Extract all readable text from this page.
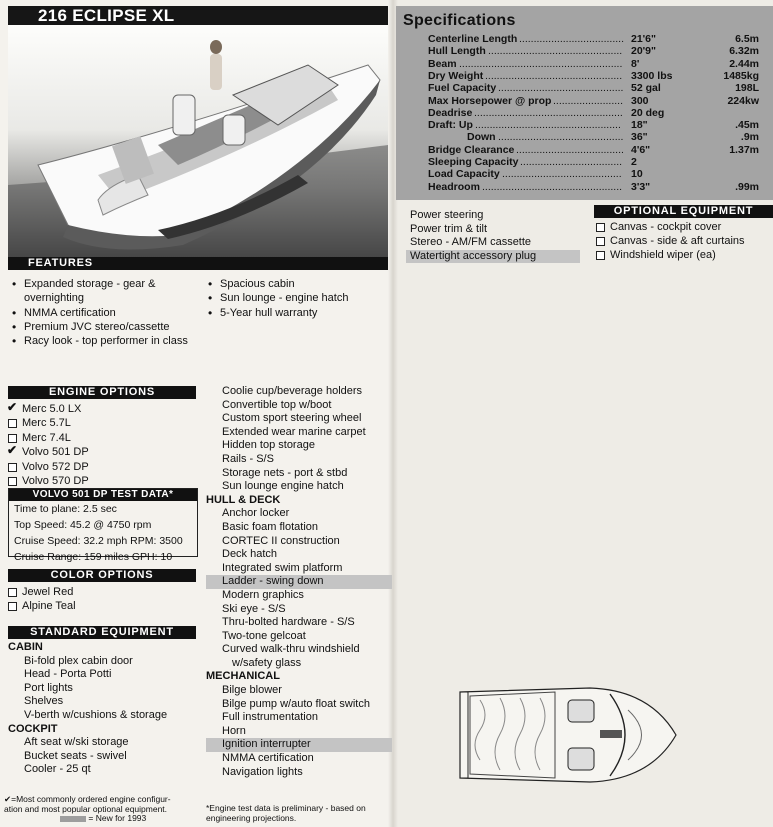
216 ECLIPSE XL
FEATURES
• Expanded storage - gear & overnighting
• NMMA certification
• Premium JVC stereo/cassette
• Racy look - top performer in class
• Spacious cabin
• Sun lounge - engine hatch
• 5-Year hull warranty
ENGINE OPTIONS
✔ Merc 5.0 LX
Merc 5.7L
Merc 7.4L
✔ Volvo 501 DP
Volvo 572 DP
Volvo 570 DP
VOLVO 501 DP TEST DATA*
Time to plane: 2.5 sec
Top Speed: 45.2 @ 4750 rpm
Cruise Speed: 32.2 mph RPM: 3500
Cruise Range: 159 miles GPH: 10
COLOR OPTIONS
Jewel Red
Alpine Teal
STANDARD EQUIPMENT
CABIN
Bi-fold plex cabin door
Head - Porta Potti
Port lights
Shelves
V-berth w/cushions & storage
COCKPIT
Aft seat w/ski storage
Bucket seats - swivel
Cooler - 25 qt
Coolie cup/beverage holders
Convertible top w/boot
Custom sport steering wheel
Extended wear marine carpet
Hidden top storage
Rails - S/S
Storage nets - port & stbd
Sun lounge engine hatch
HULL & DECK
Anchor locker
Basic foam flotation
CORTEC II construction
Deck hatch
Integrated swim platform
Ladder - swing down
Modern graphics
Ski eye - S/S
Thru-bolted hardware - S/S
Two-tone gelcoat
Curved walk-thru windshield
w/safety glass
MECHANICAL
Bilge blower
Bilge pump w/auto float switch
Full instrumentation
Horn
Ignition interrupter
NMMA certification
Navigation lights
✔=Most commonly ordered engine configur-
ation and most popular optional equipment.
= New for 1993
*Engine test data is preliminary - based on
engineering projections.
Specifications
Centerline Length .................................... 21'6"	6.5m
Hull Length .............................................. 20'9"	6.32m
Beam ........................................................ 8'	2.44m
Dry Weight ............................................... 3300 lbs	1485kg
Fuel Capacity ........................................... 52 gal	198L
Max Horsepower @ prop ........................ 300	224kw
Deadrise ................................................... 20 deg
Draft: Up .................................................. 18"	.45m
Down ........................................... 36"	.9m
Bridge Clearance ..................................... 4'6"	1.37m
Sleeping Capacity ................................... 2
Load Capacity ......................................... 10
Headroom ................................................ 3'3"	.99m
Power steering
Power trim & tilt
Stereo - AM/FM cassette
Watertight accessory plug
OPTIONAL EQUIPMENT
Canvas - cockpit cover
Canvas - side & aft curtains
Windshield wiper (ea)
